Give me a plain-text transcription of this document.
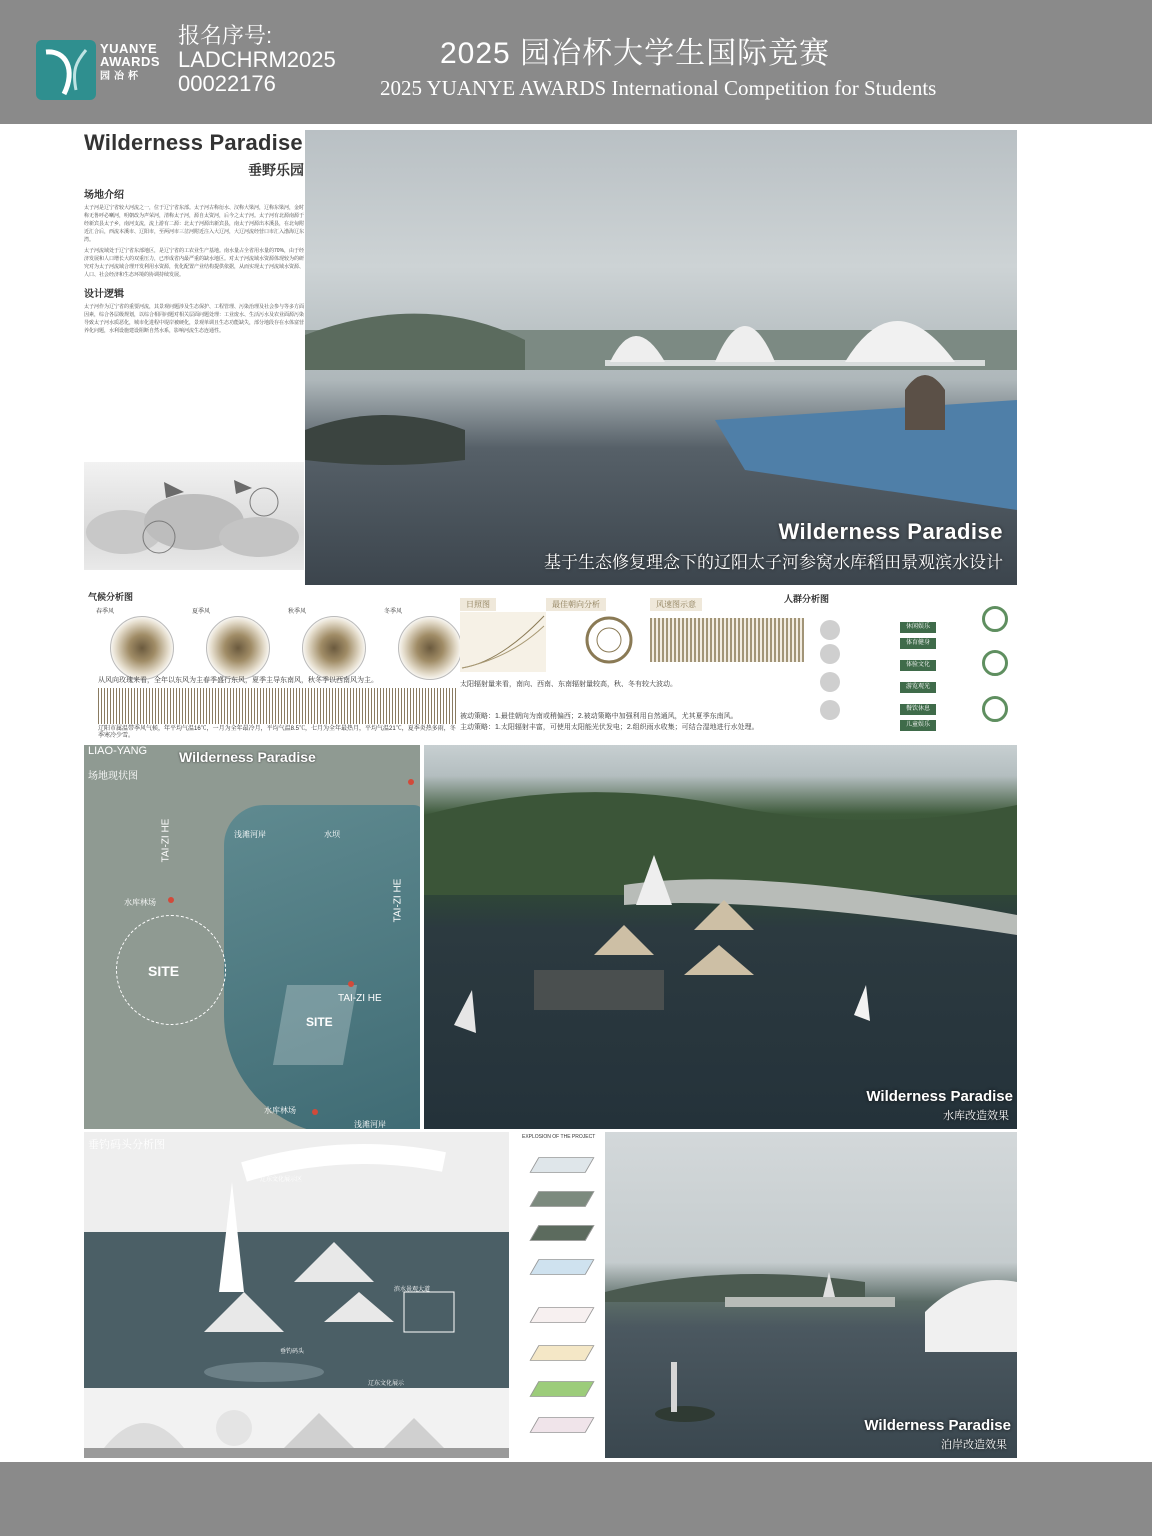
YUANYE
AWARDS
园冶杯
报名序号:
LADCHRM2025
00022176
2025 园冶杯大学生国际竞赛
2025 YUANYE AWARDS International Competition for Students
Wilderness Paradise
垂野乐园
场地介绍
太子河是辽宁省较大河流之一，位于辽宁省东部。太子河古称衍水、汉称大梁河，辽称东梁河，金时称无鲁呼必喇河，明朝改为声荣河，清称太子河，源自太资河，后今之太子河。太子河有北源南源于经新宾县太子乡，南河支流，流上游有二源：北太子河源出新宾县，南太子河源出本溪县，在北甸附近汇合后，西流本溪市、辽阳市，至两河市三岔河附近注入大辽河，大辽河流经营口市汇入渤海辽东湾。
太子河流域处于辽宁省东部地区，是辽宁省的工农业生产基地。南水量占全省用水量的70%，由于经济发展和人口增长大的双重压力，已形成省内最严重的缺水地区。对太子河流域水资源体现较为的研究对为太子河流域合理开发利用水资源，优化配置产业结构提供依据，从而实现太子河流域水资源、人口、社会经济和生态环境的协调持续发展。
设计逻辑
太子河作为辽宁省的重要河流，其景观问题涉及生态保护、工程管理、污染治理及社会参与等多方面因素，综合各层级规划，以综合相同问题对相关层面问题处理：工业废水、生活污水及农业面源污染导致太子河水质恶化，城市化进程中堤岸被硬化，景观单调且生态功能缺失，部分地段存在水体富营养化问题，水利设施建设阻断自然水系，影响河流生态连通性。
Wilderness Paradise
基于生态修复理念下的辽阳太子河参窝水库稻田景观滨水设计
气候分析图
春季风	夏季风	秋季风	冬季风
从风向玫瑰来看，全年以东风为主春季盛行东风，夏季主导东南风，秋冬季以西南风为主。
辽阳市属温带季风气候，年平均气温16℃，一月为全年最冷月，平均气温8.5℃，七月为全年最热月，平均气温21℃，夏季炎热多雨，冬季寒冷少雪。
日照图	最佳朝向分析	风速图示意
太阳辐射量来看，南向、西南、东南辐射量较高，秋、冬有较大波动。
被动策略：1.最佳朝向为南或稍偏西；2.被动策略中加强利用自然通风，尤其夏季东南风。
主动策略：1.太阳辐射丰富，可使用太阳能光伏发电；2.组织雨水收集；可结合湿地进行水处理。
人群分析图
休闲娱乐
体育健身
体验文化
游览观光
餐饮休息
儿童娱乐
LIAO-YANG Wilderness Paradise
场地现状图
SITE
SITE
TAI-ZI HE
TAI-ZI HE
TAI-ZI HE
水库林场
水库林场
水坝
浅滩河岸
浅滩河岸
Wilderness Paradise
水库改造效果
垂钓码头分析图
辽东文化展示区
滨水景观大道
垂钓码头
辽东文化展示
EXPLOSION OF THE PROJECT
Wilderness Paradise
泊岸改造效果
